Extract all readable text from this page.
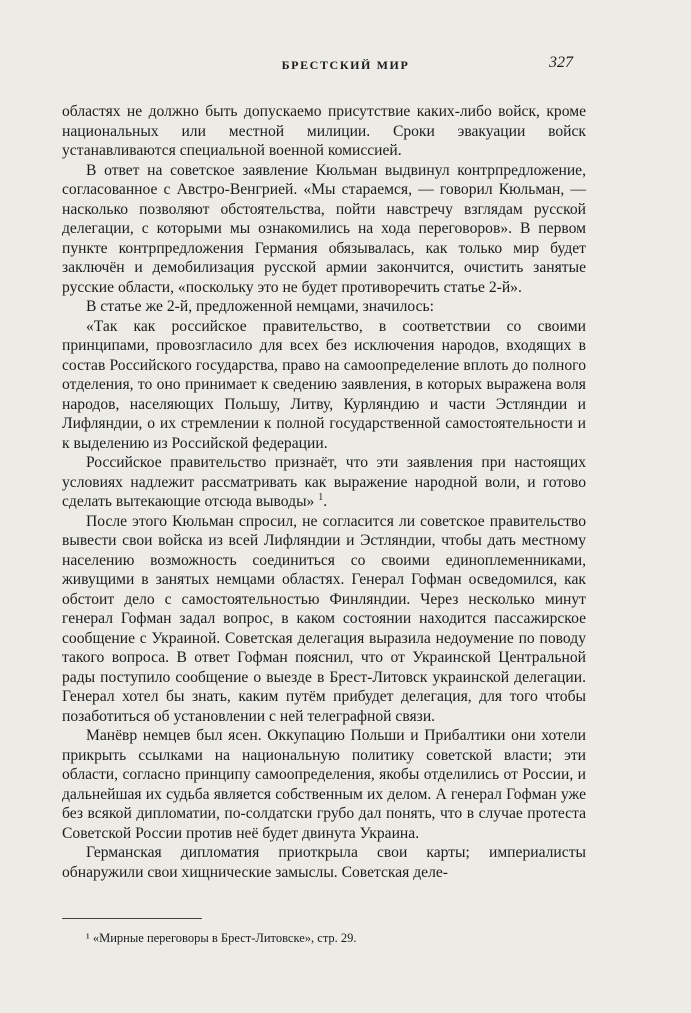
БРЕСТСКИЙ МИР	327

областях не должно быть допускаемо присутствие каких-либо войск, кроме национальных или местной милиции. Сроки эвакуации войск устанавливаются специальной военной комиссией.

В ответ на советское заявление Кюльман выдвинул контрпредложение, согласованное с Австро-Венгрией. «Мы стараемся, — говорил Кюльман, — насколько позволяют обстоятельства, пойти навстречу взглядам русской делегации, с которыми мы ознакомились на хода переговоров». В первом пункте контрпредложения Германия обязывалась, как только мир будет заключён и демобилизация русской армии закончится, очистить занятые русские области, «поскольку это не будет противоречить статье 2-й».

В статье же 2-й, предложенной немцами, значилось:

«Так как российское правительство, в соответствии со своими принципами, провозгласило для всех без исключения народов, входящих в состав Российского государства, право на самоопределение вплоть до полного отделения, то оно принимает к сведению заявления, в которых выражена воля народов, населяющих Польшу, Литву, Курляндию и части Эстляндии и Лифляндии, о их стремлении к полной государственной самостоятельности и к выделению из Российской федерации.

Российское правительство признаёт, что эти заявления при настоящих условиях надлежит рассматривать как выражение народной воли, и готово сделать вытекающие отсюда выводы» $^1$.

После этого Кюльман спросил, не согласится ли советское правительство вывести свои войска из всей Лифляндии и Эстляндии, чтобы дать местному населению возможность соединиться со своими единоплеменниками, живущими в занятых немцами областях. Генерал Гофман осведомился, как обстоит дело с самостоятельностью Финляндии. Через несколько минут генерал Гофман задал вопрос, в каком состоянии находится пассажирское сообщение с Украиной. Советская делегация выразила недоумение по поводу такого вопроса. В ответ Гофман пояснил, что от Украинской Центральной рады поступило сообщение о выезде в Брест-Литовск украинской делегации. Генерал хотел бы знать, каким путём прибудет делегация, для того чтобы позаботиться об установлении с ней телеграфной связи.

Манёвр немцев был ясен. Оккупацию Польши и Прибалтики они хотели прикрыть ссылками на национальную политику советской власти; эти области, согласно принципу самоопределения, якобы отделились от России, и дальнейшая их судьба является собственным их делом. А генерал Гофман уже без всякой дипломатии, по-солдатски грубо дал понять, что в случае протеста Советской России против неё будет двинута Украина.

Германская дипломатия приоткрыла свои карты; империалисты обнаружили свои хищнические замыслы. Советская деле-

¹ «Мирные переговоры в Брест-Литовске», стр. 29.
